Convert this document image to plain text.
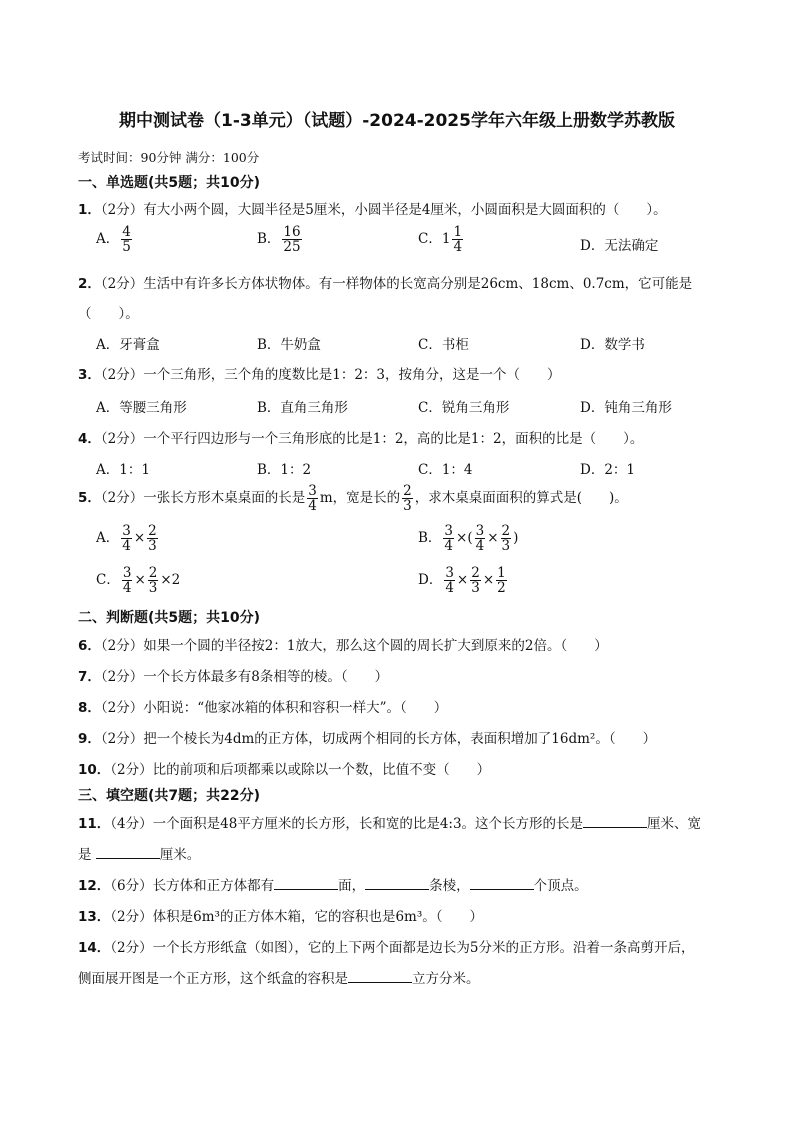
期中测试卷（1-3单元）（试题）-2024-2025学年六年级上册数学苏教版
考试时间：90分钟 满分：100分
一、单选题(共5题；共10分)
1．（2分）有大小两个圆，大圆半径是5厘米，小圆半径是4厘米，小圆面积是大圆面积的（　　）。
A． $\frac{4}{5}$	B． $\frac{16}{25}$	C．$1 \frac{1}{4}$	D．无法确定
2．（2分）生活中有许多长方体状物体。有一样物体的长宽高分别是26cm、18cm、0.7cm，它可能是
（　　）。
A．牙膏盒	B．牛奶盒	C．书柜	D．数学书
3．（2分）一个三角形，三个角的度数比是1：2：3，按角分，这是一个（　　）
A．等腰三角形	B．直角三角形	C．锐角三角形	D．钝角三角形
4．（2分）一个平行四边形与一个三角形底的比是1：2，高的比是1：2，面积的比是（　　）。
A．1：1	B．1：2	C．1：4	D．2：1
5．（2分）一张长方形木桌桌面的长是 $\frac{3}{4}$ m，宽是长的 $\frac{2}{3}$ ，求木桌桌面面积的算式是(　　)。
A． $\frac{3}{4} \times \frac{2}{3}$	B． $\frac{3}{4}$ ×( $\frac{3}{4} \times \frac{2}{3}$ )
C． $\frac{3}{4} \times \frac{2}{3} \times 2$	D． $\frac{3}{4} \times \frac{2}{3} \times \frac{1}{2}$
二、判断题(共5题；共10分)
6．（2分）如果一个圆的半径按2：1放大，那么这个圆的周长扩大到原来的2倍。（　　）
7．（2分）一个长方体最多有8条相等的棱。（　　）
8．（2分）小阳说：“他家冰箱的体积和容积一样大”。（　　）
9．（2分）把一个棱长为4dm的正方体，切成两个相同的长方体，表面积增加了16dm²。（　　）
10．（2分）比的前项和后项都乘以或除以一个数，比值不变（　　）
三、填空题(共7题；共22分)
11．（4分）一个面积是48平方厘米的长方形，长和宽的比是4:3。这个长方形的长是	厘米、宽
是	厘米。
12．（6分）长方体和正方体都有	面，	条棱，	个顶点。
13．（2分）体积是6m³的正方体木箱，它的容积也是6m³。（　　）
14．（2分）一个长方形纸盒（如图），它的上下两个面都是边长为5分米的正方形。沿着一条高剪开后，
侧面展开图是一个正方形，这个纸盒的容积是	立方分米。
